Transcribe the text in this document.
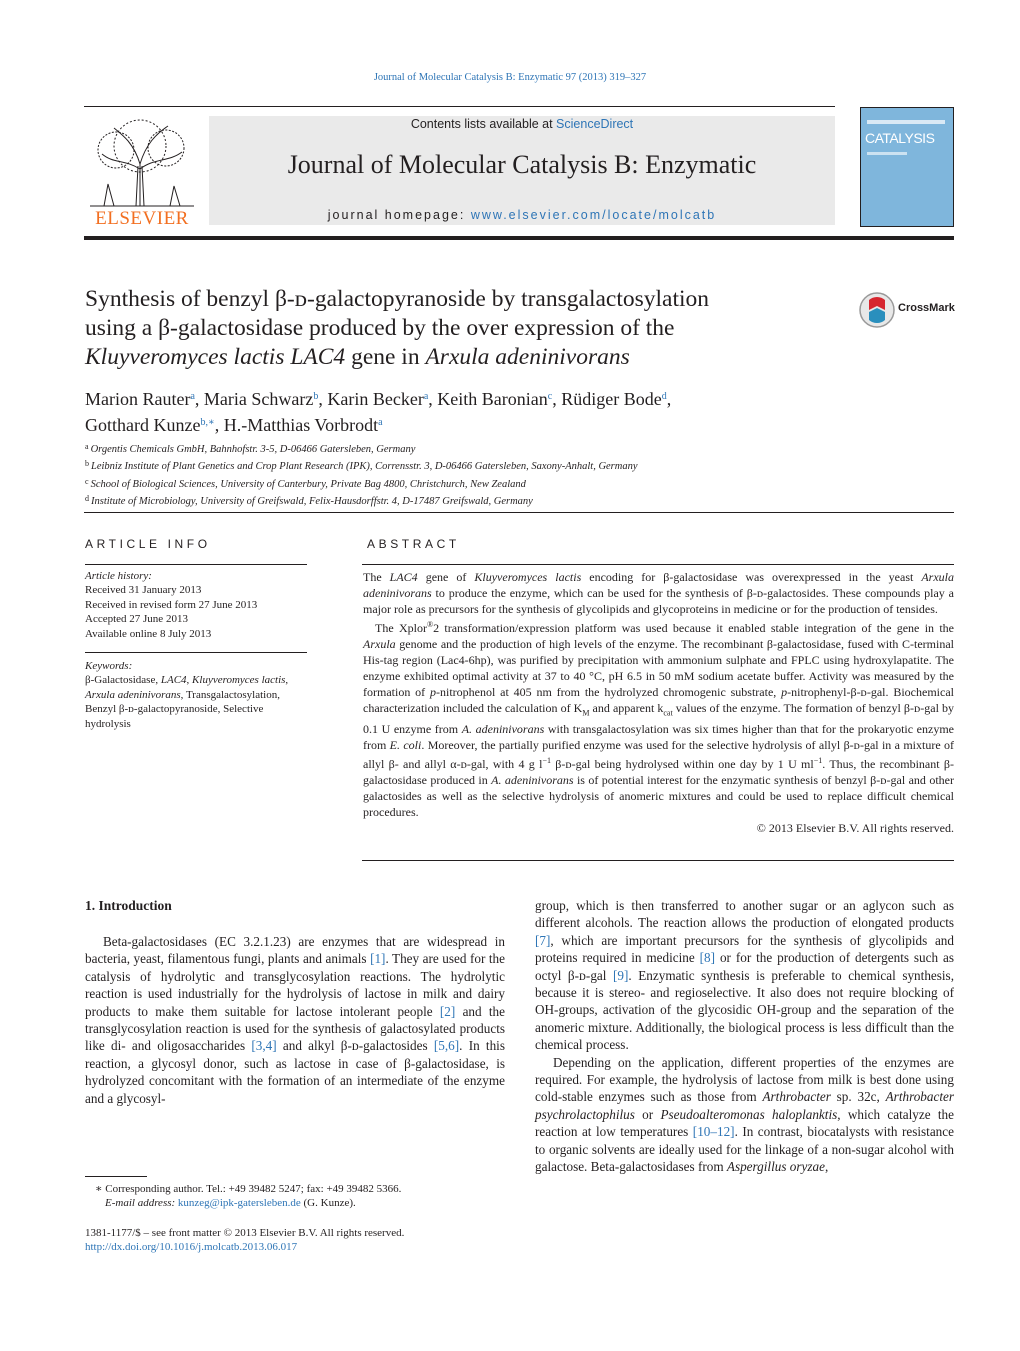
Journal of Molecular Catalysis B: Enzymatic 97 (2013) 319–327
ELSEVIER
Contents lists available at ScienceDirect
Journal of Molecular Catalysis B: Enzymatic
journal homepage: www.elsevier.com/locate/molcatb
CATALYSIS
Synthesis of benzyl β-ᴅ-galactopyranoside by transgalactosylation
using a β-galactosidase produced by the over expression of the
Kluyveromyces lactis LAC4 gene in Arxula adeninivorans
CrossMark
Marion Rauter$^a$, Maria Schwarz$^b$, Karin Becker$^a$, Keith Baronian$^c$, Rüdiger Bode$^d$,
Gotthard Kunze$^{b,∗}$, H.-Matthias Vorbrodt$^a$
$^a$ Orgentis Chemicals GmbH, Bahnhofstr. 3-5, D-06466 Gatersleben, Germany
$^b$ Leibniz Institute of Plant Genetics and Crop Plant Research (IPK), Corrensstr. 3, D-06466 Gatersleben, Saxony-Anhalt, Germany
$^c$ School of Biological Sciences, University of Canterbury, Private Bag 4800, Christchurch, New Zealand
$^d$ Institute of Microbiology, University of Greifswald, Felix-Hausdorffstr. 4, D-17487 Greifswald, Germany
ARTICLE INFO	ABSTRACT
Article history:
Received 31 January 2013
Received in revised form 27 June 2013
Accepted 27 June 2013
Available online 8 July 2013
Keywords:
β-Galactosidase, LAC4, Kluyveromyces lactis, Arxula adeninivorans, Transgalactosylation, Benzyl β-ᴅ-galactopyranoside, Selective hydrolysis

The LAC4 gene of Kluyveromyces lactis encoding for β-galactosidase was overexpressed in the yeast Arxula adeninivorans to produce the enzyme, which can be used for the synthesis of β-ᴅ-galactosides. These compounds play a major role as precursors for the synthesis of glycolipids and glycoproteins in medicine or for the production of tensides.

The Xplor®2 transformation/expression platform was used because it enabled stable integration of the gene in the Arxula genome and the production of high levels of the enzyme. The recombinant β-galactosidase, fused with C-terminal His-tag region (Lac4-6hp), was purified by precipitation with ammonium sulphate and FPLC using hydroxylapatite. The enzyme exhibited optimal activity at 37 to 40 °C, pH 6.5 in 50 mM sodium acetate buffer. Activity was measured by the formation of p-nitrophenol at 405 nm from the hydrolyzed chromogenic substrate, p-nitrophenyl-β-ᴅ-gal. Biochemical characterization included the calculation of $K_M$ and apparent $k_{cat}$ values of the enzyme. The formation of benzyl β-ᴅ-gal by 0.1 U enzyme from A. adeninivorans with transgalactosylation was six times higher than that for the prokaryotic enzyme from E. coli. Moreover, the partially purified enzyme was used for the selective hydrolysis of allyl β-ᴅ-gal in a mixture of allyl β- and allyl α-ᴅ-gal, with 4 g $l^{-1}$ β-ᴅ-gal being hydrolysed within one day by 1 U $ml^{-1}$. Thus, the recombinant β-galactosidase produced in A. adeninivorans is of potential interest for the enzymatic synthesis of benzyl β-ᴅ-gal and other galactosides as well as the selective hydrolysis of anomeric mixtures and could be used to replace difficult chemical procedures.

© 2013 Elsevier B.V. All rights reserved.

1. Introduction

Beta-galactosidases (EC 3.2.1.23) are enzymes that are widespread in bacteria, yeast, filamentous fungi, plants and animals [1]. They are used for the catalysis of hydrolytic and transglycosylation reactions. The hydrolytic reaction is used industrially for the hydrolysis of lactose in milk and dairy products to make them suitable for lactose intolerant people [2] and the transglycosylation reaction is used for the synthesis of galactosylated products like di- and oligosaccharides [3,4] and alkyl β-ᴅ-galactosides [5,6]. In this reaction, a glycosyl donor, such as lactose in case of β-galactosidase, is hydrolyzed concomitant with the formation of an intermediate of the enzyme and a glycosyl-

group, which is then transferred to another sugar or an aglycon such as different alcohols. The reaction allows the production of elongated products [7], which are important precursors for the synthesis of glycolipids and proteins required in medicine [8] or for the production of detergents such as octyl β-ᴅ-gal [9]. Enzymatic synthesis is preferable to chemical synthesis, because it is stereo- and regioselective. It also does not require blocking of OH-groups, activation of the glycosidic OH-group and the separation of the anomeric mixture. Additionally, the biological process is less difficult than the chemical process.

Depending on the application, different properties of the enzymes are required. For example, the hydrolysis of lactose from milk is best done using cold-stable enzymes such as those from Arthrobacter sp. 32c, Arthrobacter psychrolactophilus or Pseudoalteromonas haloplanktis, which catalyze the reaction at low temperatures [10–12]. In contrast, biocatalysts with resistance to organic solvents are ideally used for the linkage of a non-sugar alcohol with galactose. Beta-galactosidases from Aspergillus oryzae,

∗ Corresponding author. Tel.: +49 39482 5247; fax: +49 39482 5366.
E-mail address: kunzeg@ipk-gatersleben.de (G. Kunze).
1381-1177/$ – see front matter © 2013 Elsevier B.V. All rights reserved.
http://dx.doi.org/10.1016/j.molcatb.2013.06.017
